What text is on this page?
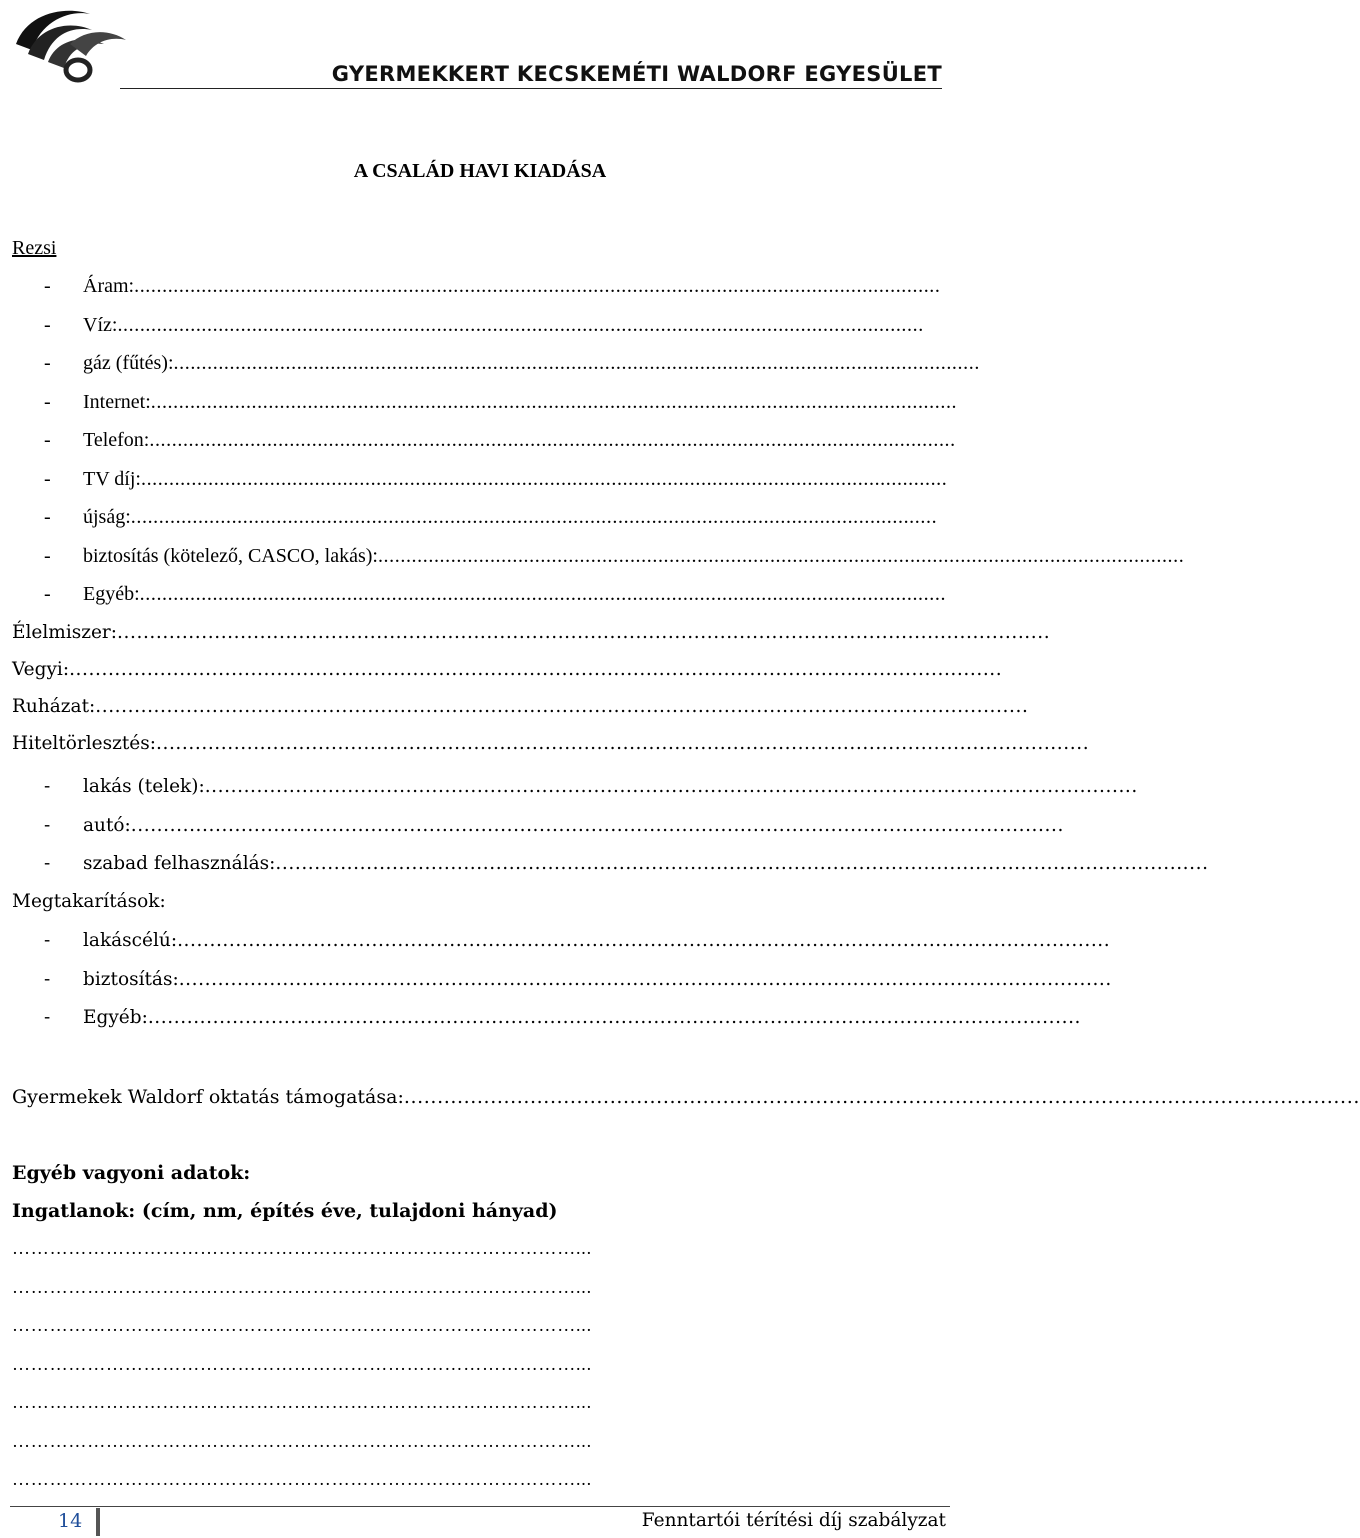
GYERMEKKERT KECSKEMÉTI WALDORF EGYESÜLET
A CSALÁD HAVI KIADÁSA
Rezsi
-	Áram: ................................................................................................................................................
-	Víz: ................................................................................................................................................
-	gáz (fűtés): ................................................................................................................................................
-	Internet: ................................................................................................................................................
-	Telefon: ................................................................................................................................................
-	TV díj: ................................................................................................................................................
-	újság: ................................................................................................................................................
-	biztosítás (kötelező, CASCO, lakás): ................................................................................................................................................
-	Egyéb: ................................................................................................................................................
Élelmiszer: ................................................................................................................................................
Vegyi: ................................................................................................................................................
Ruházat: ................................................................................................................................................
Hiteltörlesztés: ................................................................................................................................................
-	lakás (telek): ................................................................................................................................................
-	autó: ................................................................................................................................................
-	szabad felhasználás: ................................................................................................................................................
Megtakarítások:
-	lakáscélú: ................................................................................................................................................
-	biztosítás: ................................................................................................................................................
-	Egyéb: ................................................................................................................................................
Gyermekek Waldorf oktatás támogatása:................................................................................................................................................
Egyéb vagyoni adatok:
Ingatlanok: (cím, nm, építés éve, tulajdoni hányad)
………………………………………………………………………………...
………………………………………………………………………………...
………………………………………………………………………………...
………………………………………………………………………………...
………………………………………………………………………………...
………………………………………………………………………………...
………………………………………………………………………………...
14	Fenntartói térítési díj szabályzat
